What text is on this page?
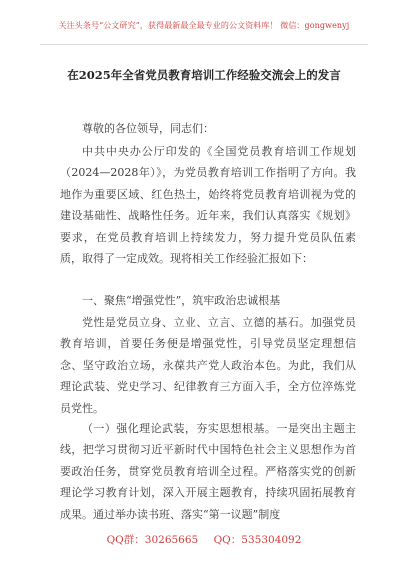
关注头条号“公文研究”，获得最新最全最专业的公文资料库！ 微信：gongwenyj
在2025年全省党员教育培训工作经验交流会上的发言
尊敬的各位领导，同志们：

中共中央办公厅印发的《全国党员教育培训工作规划（2024—2028年）》，为党员教育培训工作指明了方向。我地作为重要区域、红色热土，始终将党员教育培训视为党的建设基础性、战略性任务。近年来，我们认真落实《规划》要求，在党员教育培训上持续发力，努力提升党员队伍素质，取得了一定成效。现将相关工作经验汇报如下：

一、聚焦“增强党性”，筑牢政治忠诚根基

党性是党员立身、立业、立言、立德的基石。加强党员教育培训，首要任务便是增强党性，引导党员坚定理想信念、坚守政治立场，永葆共产党人政治本色。为此，我们从理论武装、党史学习、纪律教育三方面入手，全方位淬炼党员党性。

（一）强化理论武装，夯实思想根基。一是突出主题主线，把学习贯彻习近平新时代中国特色社会主义思想作为首要政治任务，贯穿党员教育培训全过程。严格落实党的创新理论学习教育计划，深入开展主题教育，持续巩固拓展教育成果。通过举办读书班、落实“第一议题”制度

QQ群：30265665 QQ：535304092
